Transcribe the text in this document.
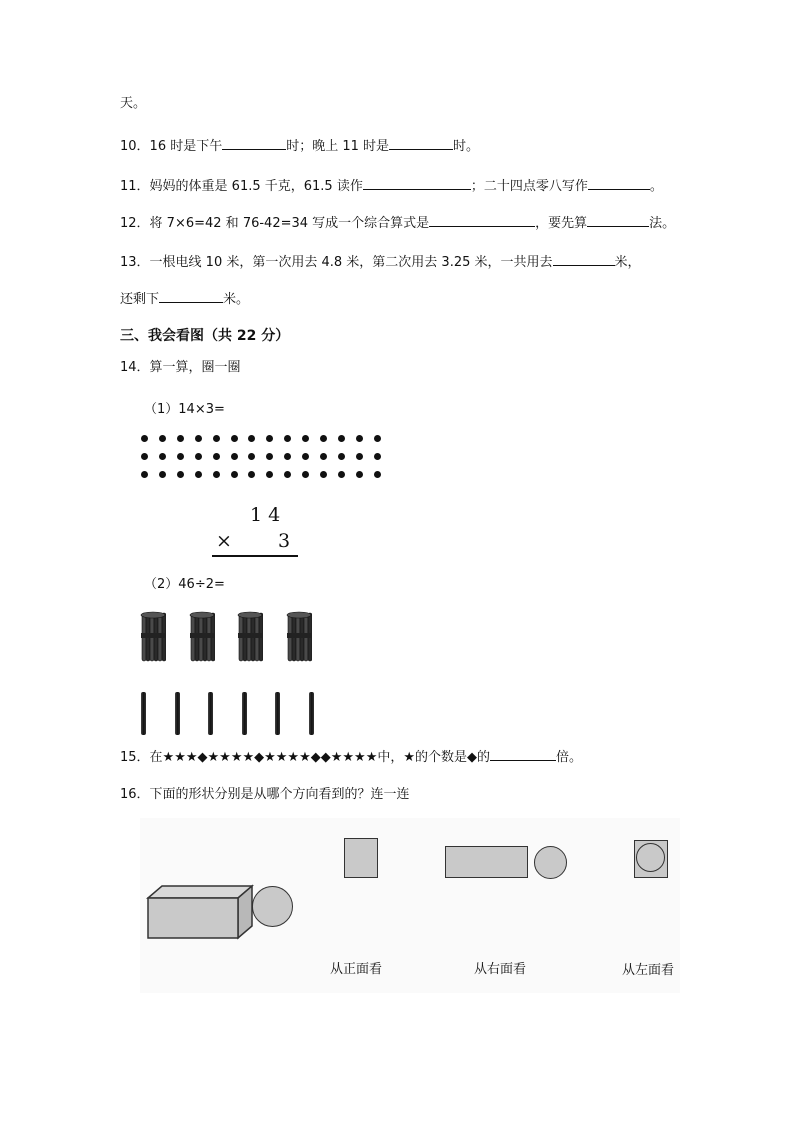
天。
10．16 时是下午	时；晚上 11 时是	时。
11．妈妈的体重是 61.5 千克，61.5 读作	；二十四点零八写作	。
12．将 7×6=42 和 76-42=34 写成一个综合算式是	，要先算	法。
13．一根电线 10 米，第一次用去 4.8 米，第二次用去 3.25 米，一共用去	米，
还剩下	米。
三、我会看图（共 22 分）
14．算一算，圈一圈
（1）14×3=
1 4
× 3
（2）46÷2=
15．在★★★◆★★★★◆★★★★◆◆★★★★中，★的个数是◆的	倍。
16．下面的形状分别是从哪个方向看到的？连一连
从正面看	从右面看	从左面看
